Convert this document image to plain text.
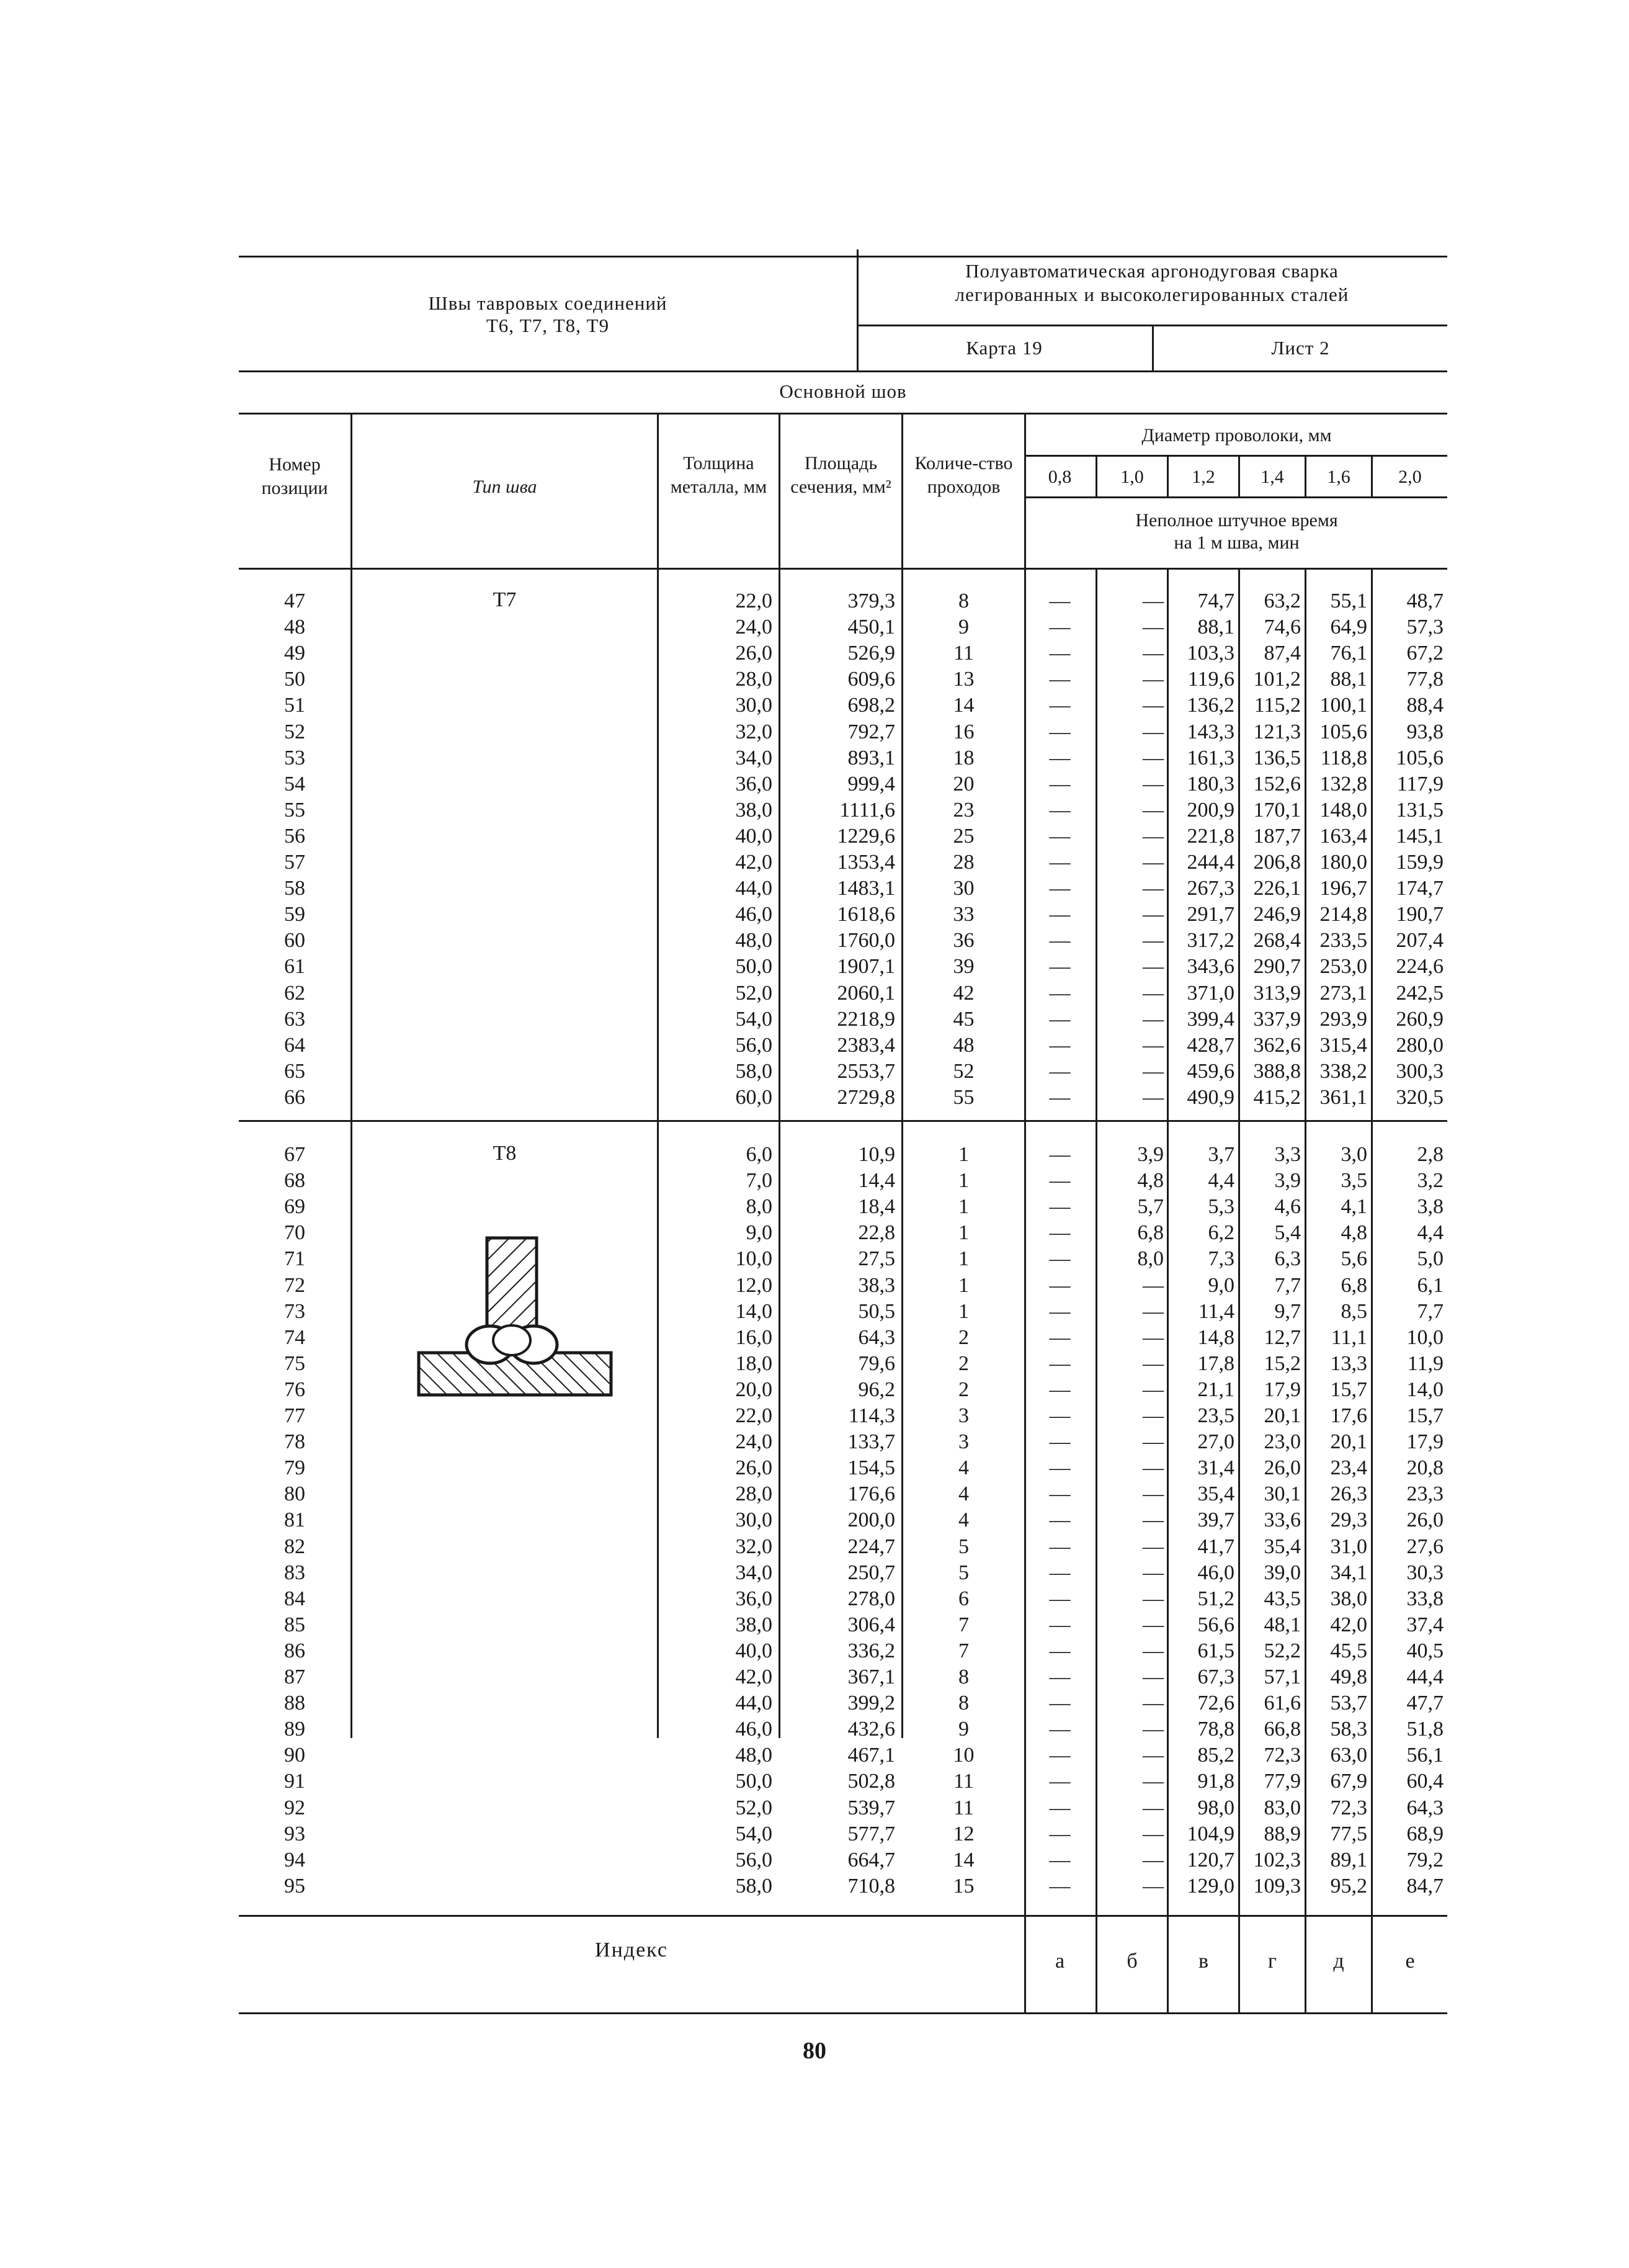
Швы тавровых соединений
Т6, Т7, Т8, Т9
Полуавтоматическая аргонодуговая сварка
легированных и высоколегированных сталей
Карта 19	Лист 2
Основной шов
Номер позиции	Тип шва
Толщина металла, мм
Площадь сечения, мм²
Количе-ство проходов
Диаметр проволоки, мм
0,8	1,0	1,2	1,4	1,6	2,0
Неполное штучное время
на 1 м шва, мин
Т7
47	22,0	379,3	8	—	—	74,7	63,2	55,1	48,7
48	24,0	450,1	9	—	—	88,1	74,6	64,9	57,3
49	26,0	526,9	11	—	—	103,3	87,4	76,1	67,2
50	28,0	609,6	13	—	—	119,6 101,2	88,1	77,8
51	30,0	698,2	14	—	—	136,2 115,2 100,1	88,4
52	32,0	792,7	16	—	—	143,3 121,3 105,6	93,8
53	34,0	893,1	18	—	—	161,3 136,5 118,8	105,6
54	36,0	999,4	20	—	—	180,3 152,6 132,8	117,9
55	38,0	1111,6	23	—	—	200,9 170,1 148,0	131,5
56	40,0	1229,6	25	—	—	221,8 187,7 163,4	145,1
57	42,0	1353,4	28	—	—	244,4 206,8 180,0	159,9
58	44,0	1483,1	30	—	—	267,3 226,1 196,7	174,7
59	46,0	1618,6	33	—	—	291,7 246,9 214,8	190,7
60	48,0	1760,0	36	—	—	317,2 268,4 233,5	207,4
61	50,0	1907,1	39	—	—	343,6 290,7 253,0	224,6
62	52,0	2060,1	42	—	—	371,0 313,9 273,1	242,5
63	54,0	2218,9	45	—	—	399,4 337,9 293,9	260,9
64	56,0	2383,4	48	—	—	428,7 362,6 315,4	280,0
65	58,0	2553,7	52	—	—	459,6 388,8 338,2	300,3
66	60,0	2729,8	55	—	—	490,9 415,2 361,1	320,5
Т8
67	6,0	10,9	1	—	3,9	3,7	3,3	3,0	2,8
68	7,0	14,4	1	—	4,8	4,4	3,9	3,5	3,2
69	8,0	18,4	1	—	5,7	5,3	4,6	4,1	3,8
70	9,0	22,8	1	—	6,8	6,2	5,4	4,8	4,4
71	10,0	27,5	1	—	8,0	7,3	6,3	5,6	5,0
72	12,0	38,3	1	—	—	9,0	7,7	6,8	6,1
73	14,0	50,5	1	—	—	11,4	9,7	8,5	7,7
74	16,0	64,3	2	—	—	14,8	12,7	11,1	10,0
75	18,0	79,6	2	—	—	17,8	15,2	13,3	11,9
76	20,0	96,2	2	—	—	21,1	17,9	15,7	14,0
77	22,0	114,3	3	—	—	23,5	20,1	17,6	15,7
78	24,0	133,7	3	—	—	27,0	23,0	20,1	17,9
79	26,0	154,5	4	—	—	31,4	26,0	23,4	20,8
80	28,0	176,6	4	—	—	35,4	30,1	26,3	23,3
81	30,0	200,0	4	—	—	39,7	33,6	29,3	26,0
82	32,0	224,7	5	—	—	41,7	35,4	31,0	27,6
83	34,0	250,7	5	—	—	46,0	39,0	34,1	30,3
84	36,0	278,0	6	—	—	51,2	43,5	38,0	33,8
85	38,0	306,4	7	—	—	56,6	48,1	42,0	37,4
86	40,0	336,2	7	—	—	61,5	52,2	45,5	40,5
87	42,0	367,1	8	—	—	67,3	57,1	49,8	44,4
88	44,0	399,2	8	—	—	72,6	61,6	53,7	47,7
89	46,0	432,6	9	—	—	78,8	66,8	58,3	51,8
90	48,0	467,1	10	—	—	85,2	72,3	63,0	56,1
91	50,0	502,8	11	—	—	91,8	77,9	67,9	60,4
92	52,0	539,7	11	—	—	98,0	83,0	72,3	64,3
93	54,0	577,7	12	—	—	104,9	88,9	77,5	68,9
94	56,0	664,7	14	—	—	120,7 102,3	89,1	79,2
95	58,0	710,8	15	—	—	129,0 109,3	95,2	84,7
Индекс	а	б	в	г	д	е
80
